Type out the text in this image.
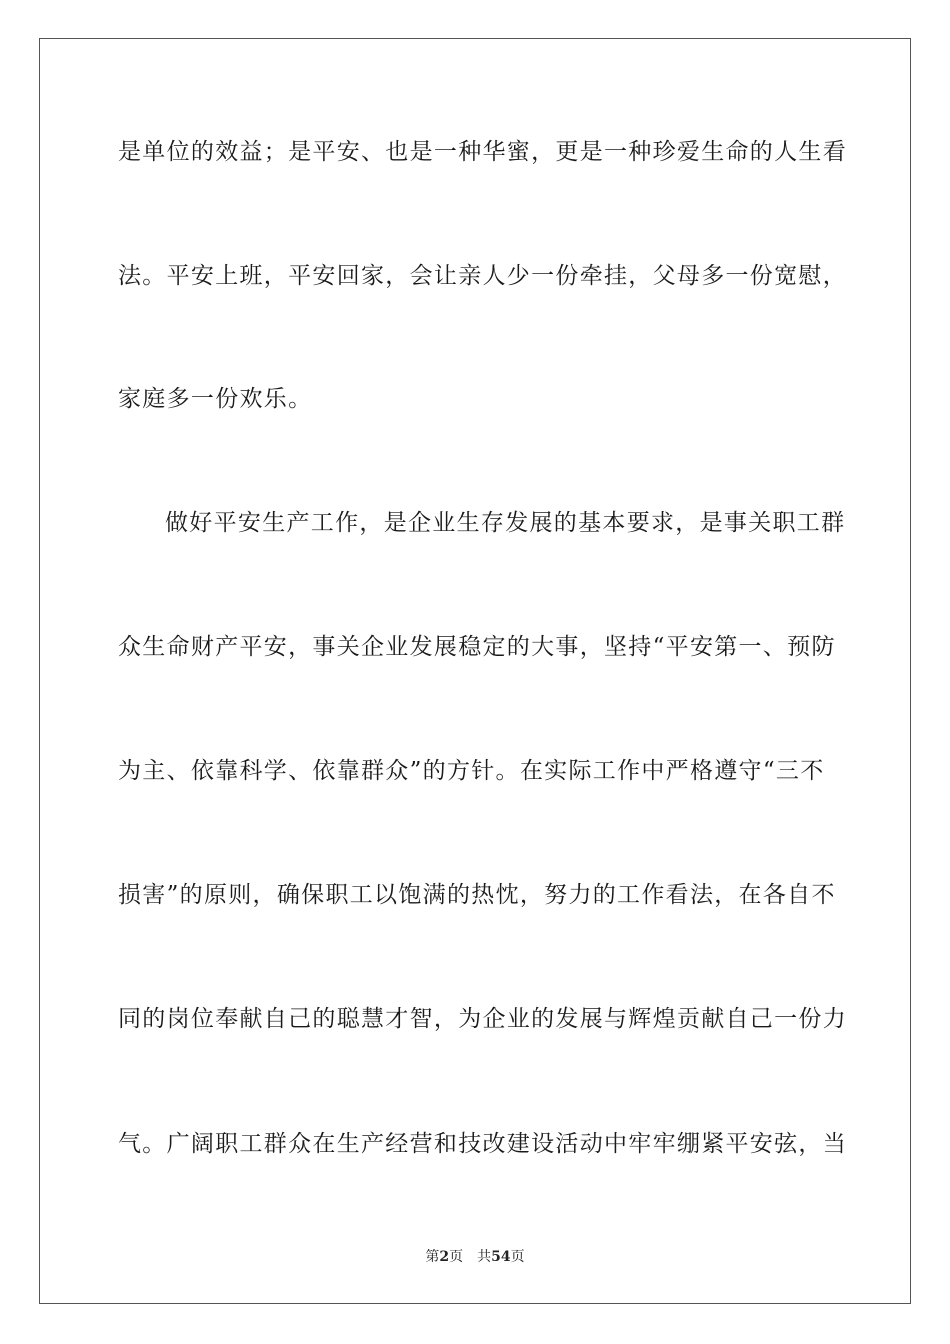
是单位的效益；是平安、也是一种华蜜，更是一种珍爱生命的人生看
法。平安上班，平安回家，会让亲人少一份牵挂，父母多一份宽慰，
家庭多一份欢乐。
做好平安生产工作，是企业生存发展的基本要求，是事关职工群
众生命财产平安，事关企业发展稳定的大事，坚持“平安第一、预防
为主、依靠科学、依靠群众”的方针。在实际工作中严格遵守“三不
损害”的原则，确保职工以饱满的热忱，努力的工作看法，在各自不
同的岗位奉献自己的聪慧才智，为企业的发展与辉煌贡献自己一份力
气。广阔职工群众在生产经营和技改建设活动中牢牢绷紧平安弦，当
第2页 共54页
